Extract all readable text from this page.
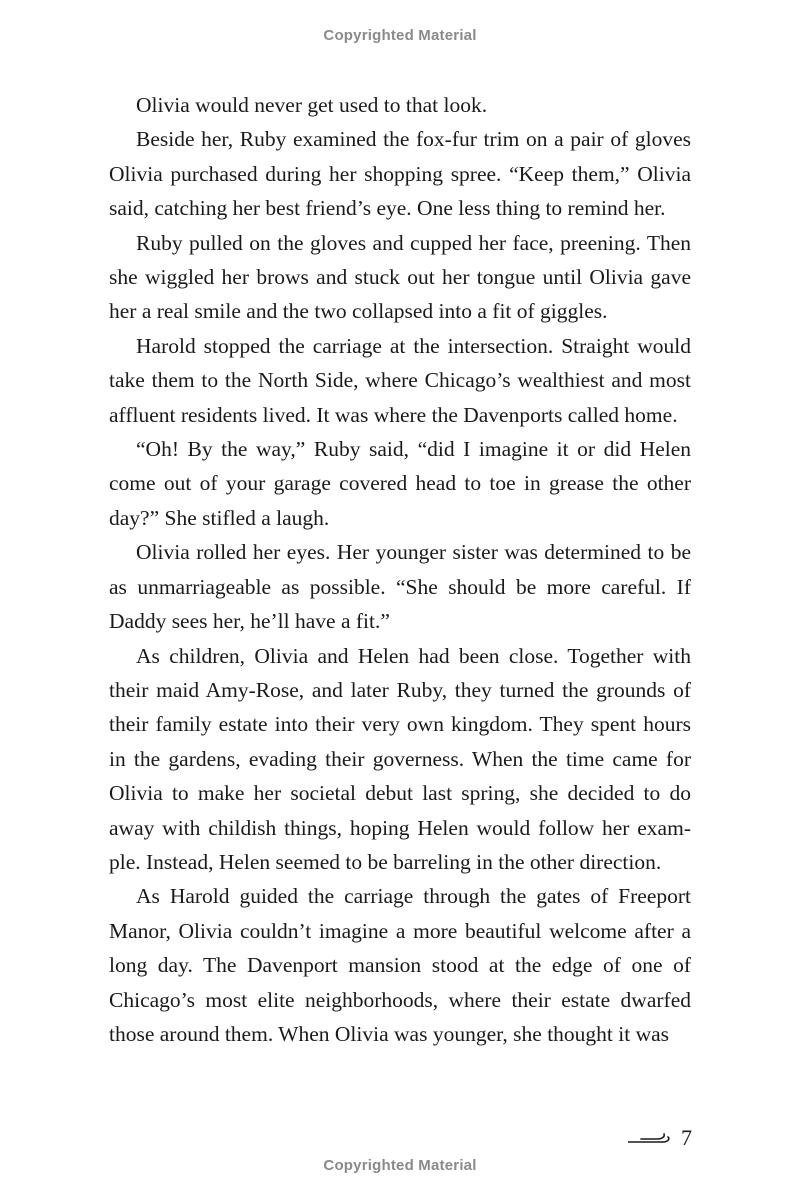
Copyrighted Material

Olivia would never get used to that look.

Beside her, Ruby examined the fox-fur trim on a pair of gloves Olivia purchased during her shopping spree. “Keep them,” Olivia said, catching her best friend’s eye. One less thing to remind her.

Ruby pulled on the gloves and cupped her face, preening. Then she wiggled her brows and stuck out her tongue until Olivia gave her a real smile and the two collapsed into a fit of giggles.

Harold stopped the carriage at the intersection. Straight would take them to the North Side, where Chicago’s wealthiest and most affluent residents lived. It was where the Davenports called home.

“Oh! By the way,” Ruby said, “did I imagine it or did Helen come out of your garage covered head to toe in grease the other day?” She stifled a laugh.

Olivia rolled her eyes. Her younger sister was determined to be as unmarriageable as possible. “She should be more careful. If Daddy sees her, he’ll have a fit.”

As children, Olivia and Helen had been close. Together with their maid Amy-Rose, and later Ruby, they turned the grounds of their family estate into their very own kingdom. They spent hours in the gardens, evading their governess. When the time came for Olivia to make her societal debut last spring, she decided to do away with childish things, hoping Helen would follow her example. Instead, Helen seemed to be barreling in the other direction.

As Harold guided the carriage through the gates of Freeport Manor, Olivia couldn’t imagine a more beautiful welcome after a long day. The Davenport mansion stood at the edge of one of Chicago’s most elite neighborhoods, where their estate dwarfed those around them. When Olivia was younger, she thought it was

7
Copyrighted Material
